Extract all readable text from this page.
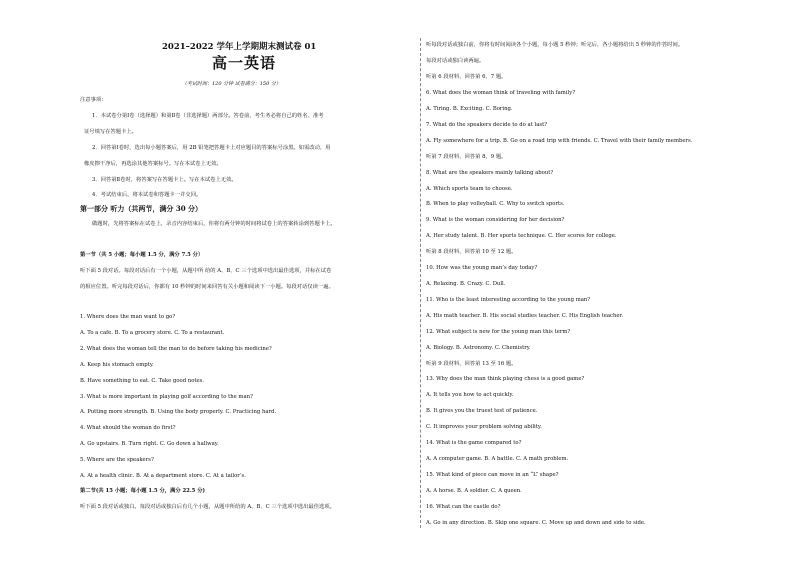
2021–2022 学年上学期期末测试卷 01
高一英语
（考试时间：120 分钟 试卷满分：150 分）
注意事项：
1．本试卷分第Ⅰ卷（选择题）和第Ⅱ卷（非选择题）两部分。答卷前，考生务必将自己的姓名、准考
证号填写在答题卡上。
2．回答第Ⅰ卷时，选出每小题答案后，用 2B 铅笔把答题卡上对应题目的答案标号涂黑。如需改动，用
橡皮擦干净后，再选涂其他答案标号。写在本试卷上无效。
3．回答第Ⅱ卷时，将答案写在答题卡上。写在本试卷上无效。
4．考试结束后，将本试卷和答题卡一并交回。
第一部分 听力（共两节，满分 30 分）
做题时，先将答案标在试卷上，录音内容结束后，你将有两分钟的时间将试卷上的答案转涂到答题卡上。
第一节（共 5 小题；每小题 1.5 分，满分 7.5 分）
听下面 5 段对话。每段对话后有一个小题，从题中所 给的 A、B、C 三个选项中选出最佳选项，并标在试卷
的相应位置。听完每段对话后，你都有 10 秒钟的时间来回答有关小题和阅读下一小题。每段对话仅读一遍。
1. Where does the man want to go?
A. To a cafe. B. To a grocery store. C. To a restaurant.
2. What does the woman tell the man to do before taking his medicine?
A. Keep his stomach empty.
B. Have something to eat. C. Take good notes.
3. What is more important in playing golf according to the man?
A. Putting more strength. B. Using the body properly. C. Practicing hard.
4. What should the woman do first?
A. Go upstairs. B. Turn right. C. Go down a hallway.
5. Where are the speakers?
A. At a health clinic. B. At a department store. C. At a tailor’s.
第二节(共 15 小题；每小题 1.5 分，满分 22.5 分)
听下面 5 段对话或独白。每段对话或独白后有几个小题，从题中所给的 A、B、C 三个选项中选出最佳选项。
听每段对话或独白前，你将有时间阅读各个小题，每小题 5 秒钟；听完后，各小题将给出 5 秒钟的作答时间。
每段对话或独白读两遍。
听第 6 段材料，回答第 6、7 题。
6. What does the woman think of traveling with family?
A. Tiring. B. Exciting. C. Boring.
7. What do the speakers decide to do at last?
A. Fly somewhere for a trip. B. Go on a road trip with friends. C. Travel with their family members.
听第 7 段材料，回答第 8、9 题。
8. What are the speakers mainly talking about?
A. Which sports team to choose.
B. When to play volleyball. C. Why to switch sports.
9. What is the woman considering for her decision?
A. Her study talent. B. Her sports technique. C. Her scores for college.
听第 8 段材料，回答第 10 至 12 题。
10. How was the young man’s day today?
A. Relaxing. B. Crazy. C. Dull.
11. Who is the least interesting according to the young man?
A. His math teacher. B. His social studies teacher. C. His English teacher.
12. What subject is new for the young man this term?
A. Biology. B. Astronomy. C. Chemistry.
听第 9 段材料，回答第 13 至 16 题。
13. Why does the man think playing chess is a good game?
A. It tells you how to act quickly.
B. It gives you the truest test of patience.
C. It improves your problem solving ability.
14. What is the game compared to?
A. A computer game. B. A battle. C. A math problem.
15. What kind of piece can move in an “L” shape?
A. A horse. B. A soldier. C. A queen.
16. What can the castle do?
A. Go in any direction. B. Skip one square. C. Move up and down and side to side.
